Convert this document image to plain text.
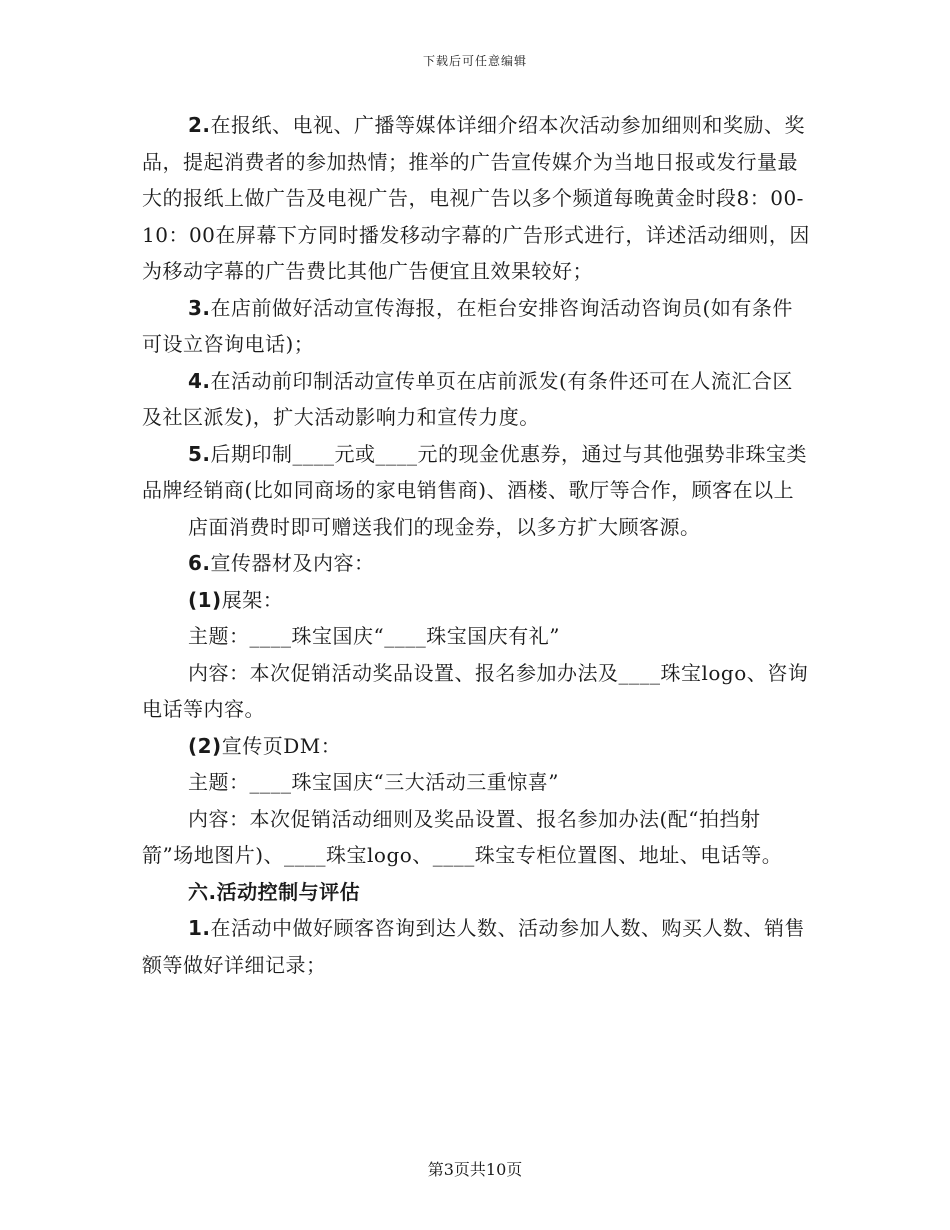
下载后可任意编辑

2.在报纸、电视、广播等媒体详细介绍本次活动参加细则和奖励、奖品，提起消费者的参加热情；推举的广告宣传媒介为当地日报或发行量最大的报纸上做广告及电视广告，电视广告以多个频道每晚黄金时段8：00-10：00在屏幕下方同时播发移动字幕的广告形式进行，详述活动细则，因为移动字幕的广告费比其他广告便宜且效果较好；

3.在店前做好活动宣传海报，在柜台安排咨询活动咨询员(如有条件可设立咨询电话)；

4.在活动前印制活动宣传单页在店前派发(有条件还可在人流汇合区及社区派发)，扩大活动影响力和宣传力度。

5.后期印制____元或____元的现金优惠券，通过与其他强势非珠宝类品牌经销商(比如同商场的家电销售商)、酒楼、歌厅等合作，顾客在以上

店面消费时即可赠送我们的现金券，以多方扩大顾客源。

6.宣传器材及内容：

(1)展架：

主题：____珠宝国庆“____珠宝国庆有礼”

内容：本次促销活动奖品设置、报名参加办法及____珠宝logo、咨询电话等内容。

(2)宣传页DM：

主题：____珠宝国庆“三大活动三重惊喜”

内容：本次促销活动细则及奖品设置、报名参加办法(配“拍挡射箭”场地图片)、____珠宝logo、____珠宝专柜位置图、地址、电话等。

六.活动控制与评估

1.在活动中做好顾客咨询到达人数、活动参加人数、购买人数、销售额等做好详细记录；

第3页共10页
